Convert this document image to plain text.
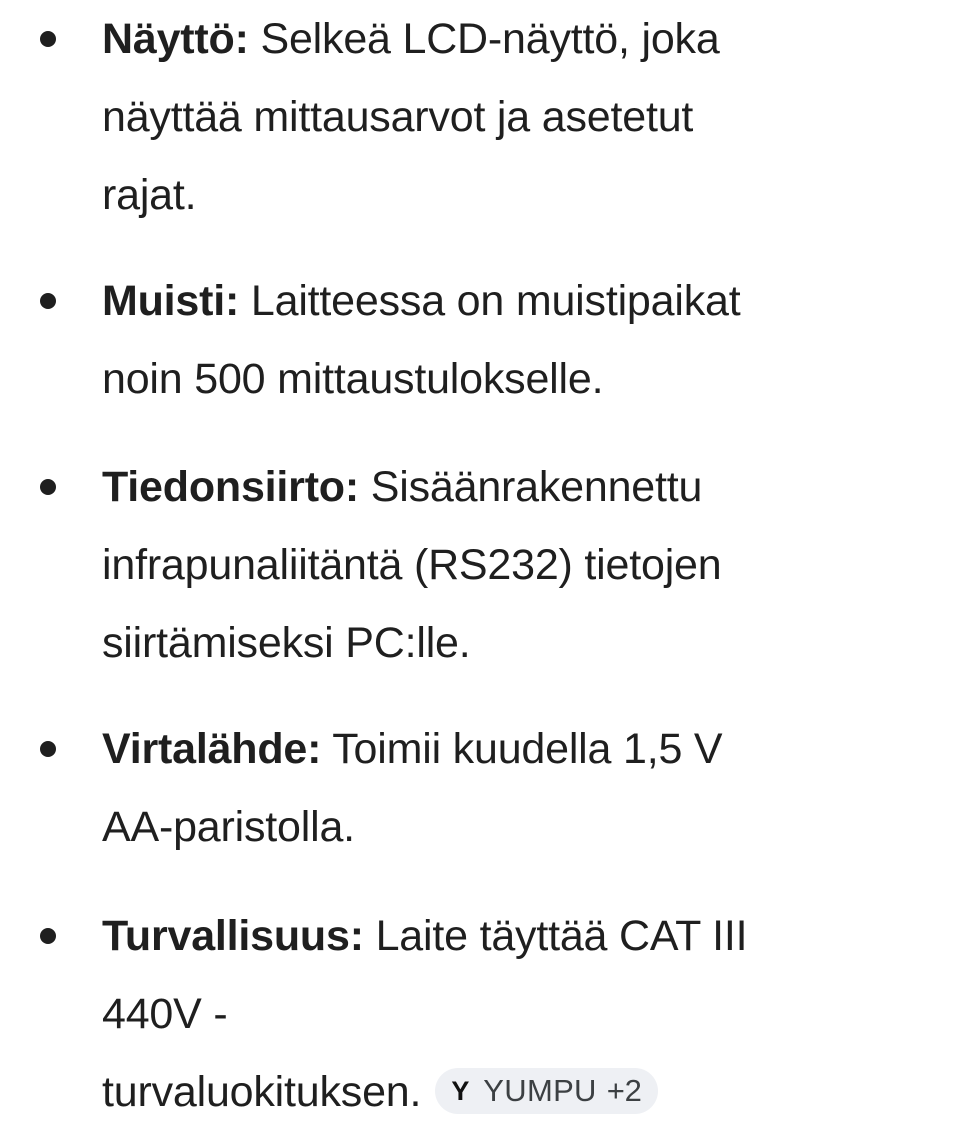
Näyttö: Selkeä LCD-näyttö, joka
näyttää mittausarvot ja asetetut
rajat.
Muisti: Laitteessa on muistipaikat
noin 500 mittaustulokselle.
Tiedonsiirto: Sisäänrakennettu
infrapunaliitäntä (RS232) tietojen
siirtämiseksi PC:lle.
Virtalähde: Toimii kuudella 1,5 V
AA-paristolla.
Turvallisuus: Laite täyttää CAT III
440V -
turvaluokituksen. Y YUMPU +2
